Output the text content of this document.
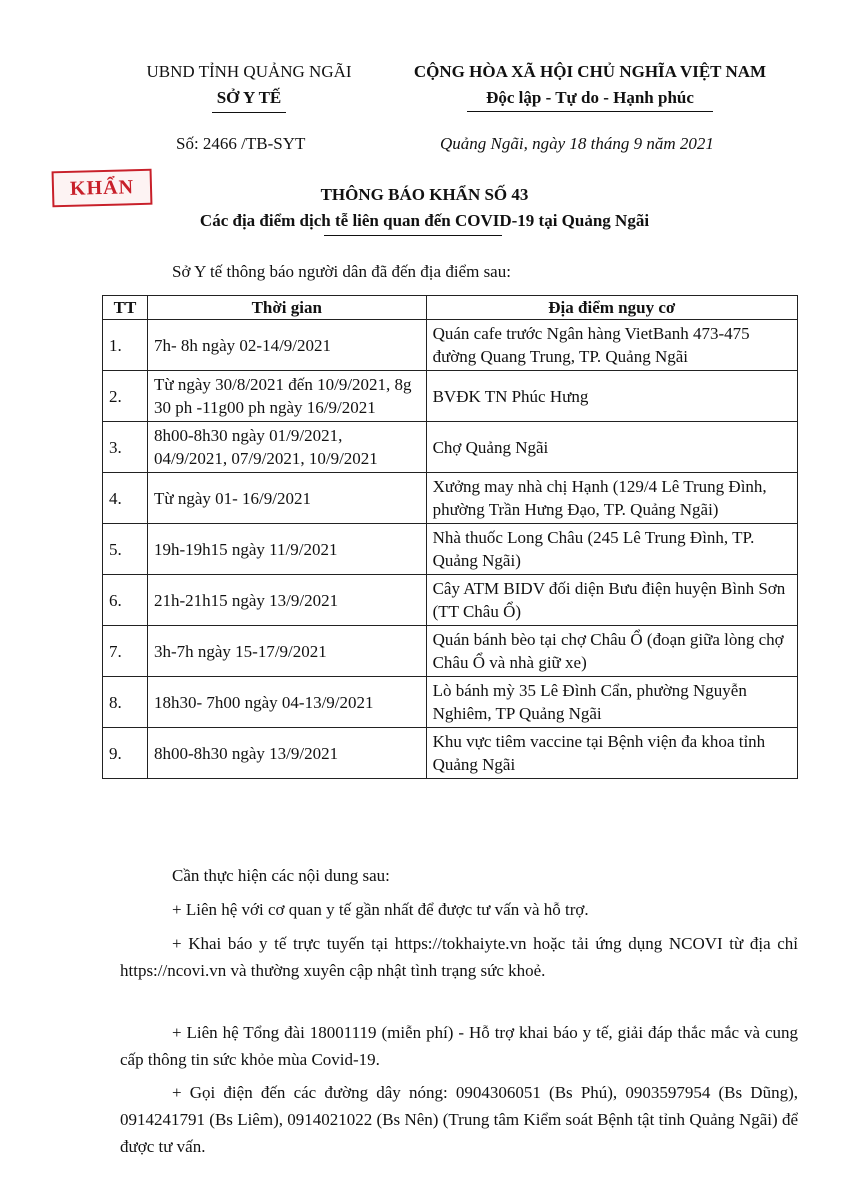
UBND TỈNH QUẢNG NGÃI
SỞ Y TẾ
CỘNG HÒA XÃ HỘI CHỦ NGHĨA VIỆT NAM
Độc lập - Tự do - Hạnh phúc
Số: 2466 /TB-SYT	Quảng Ngãi, ngày 18 tháng 9 năm 2021
KHẨN	THÔNG BÁO KHẨN SỐ 43
Các địa điểm dịch tễ liên quan đến COVID-19 tại Quảng Ngãi
Sở Y tế thông báo người dân đã đến địa điểm sau:
TT	Thời gian	Địa điểm nguy cơ
1.	7h- 8h ngày 02-14/9/2021	Quán cafe trước Ngân hàng VietBanh 473-475 đường Quang Trung, TP. Quảng Ngãi
2.	Từ ngày 30/8/2021 đến 10/9/2021, 8g 30 ph -11g00 ph ngày 16/9/2021	BVĐK TN Phúc Hưng
3.	8h00-8h30 ngày 01/9/2021, 04/9/2021, 07/9/2021, 10/9/2021	Chợ Quảng Ngãi
4.	Từ ngày 01- 16/9/2021	Xưởng may nhà chị Hạnh (129/4 Lê Trung Đình, phường Trần Hưng Đạo, TP. Quảng Ngãi)
5.	19h-19h15 ngày 11/9/2021	Nhà thuốc Long Châu (245 Lê Trung Đình, TP. Quảng Ngãi)
6.	21h-21h15 ngày 13/9/2021	Cây ATM BIDV đối diện Bưu điện huyện Bình Sơn (TT Châu Ổ)
7.	3h-7h ngày 15-17/9/2021	Quán bánh bèo tại chợ Châu Ổ (đoạn giữa lòng chợ Châu Ổ và nhà giữ xe)
8.	18h30- 7h00 ngày 04-13/9/2021	Lò bánh mỳ 35 Lê Đình Cẩn, phường Nguyễn Nghiêm, TP Quảng Ngãi
9.	8h00-8h30 ngày 13/9/2021	Khu vực tiêm vaccine tại Bệnh viện đa khoa tỉnh Quảng Ngãi
Cần thực hiện các nội dung sau:
+ Liên hệ với cơ quan y tế gần nhất để được tư vấn và hỗ trợ.
+ Khai báo y tế trực tuyến tại https://tokhaiyte.vn hoặc tải ứng dụng NCOVI từ địa chỉ https://ncovi.vn và thường xuyên cập nhật tình trạng sức khoẻ.
+ Liên hệ Tổng đài 18001119 (miễn phí) - Hỗ trợ khai báo y tế, giải đáp thắc mắc và cung cấp thông tin sức khỏe mùa Covid-19.
+ Gọi điện đến các đường dây nóng: 0904306051 (Bs Phú), 0903597954 (Bs Dũng), 0914241791 (Bs Liêm), 0914021022 (Bs Nên) (Trung tâm Kiểm soát Bệnh tật tỉnh Quảng Ngãi) để được tư vấn.
